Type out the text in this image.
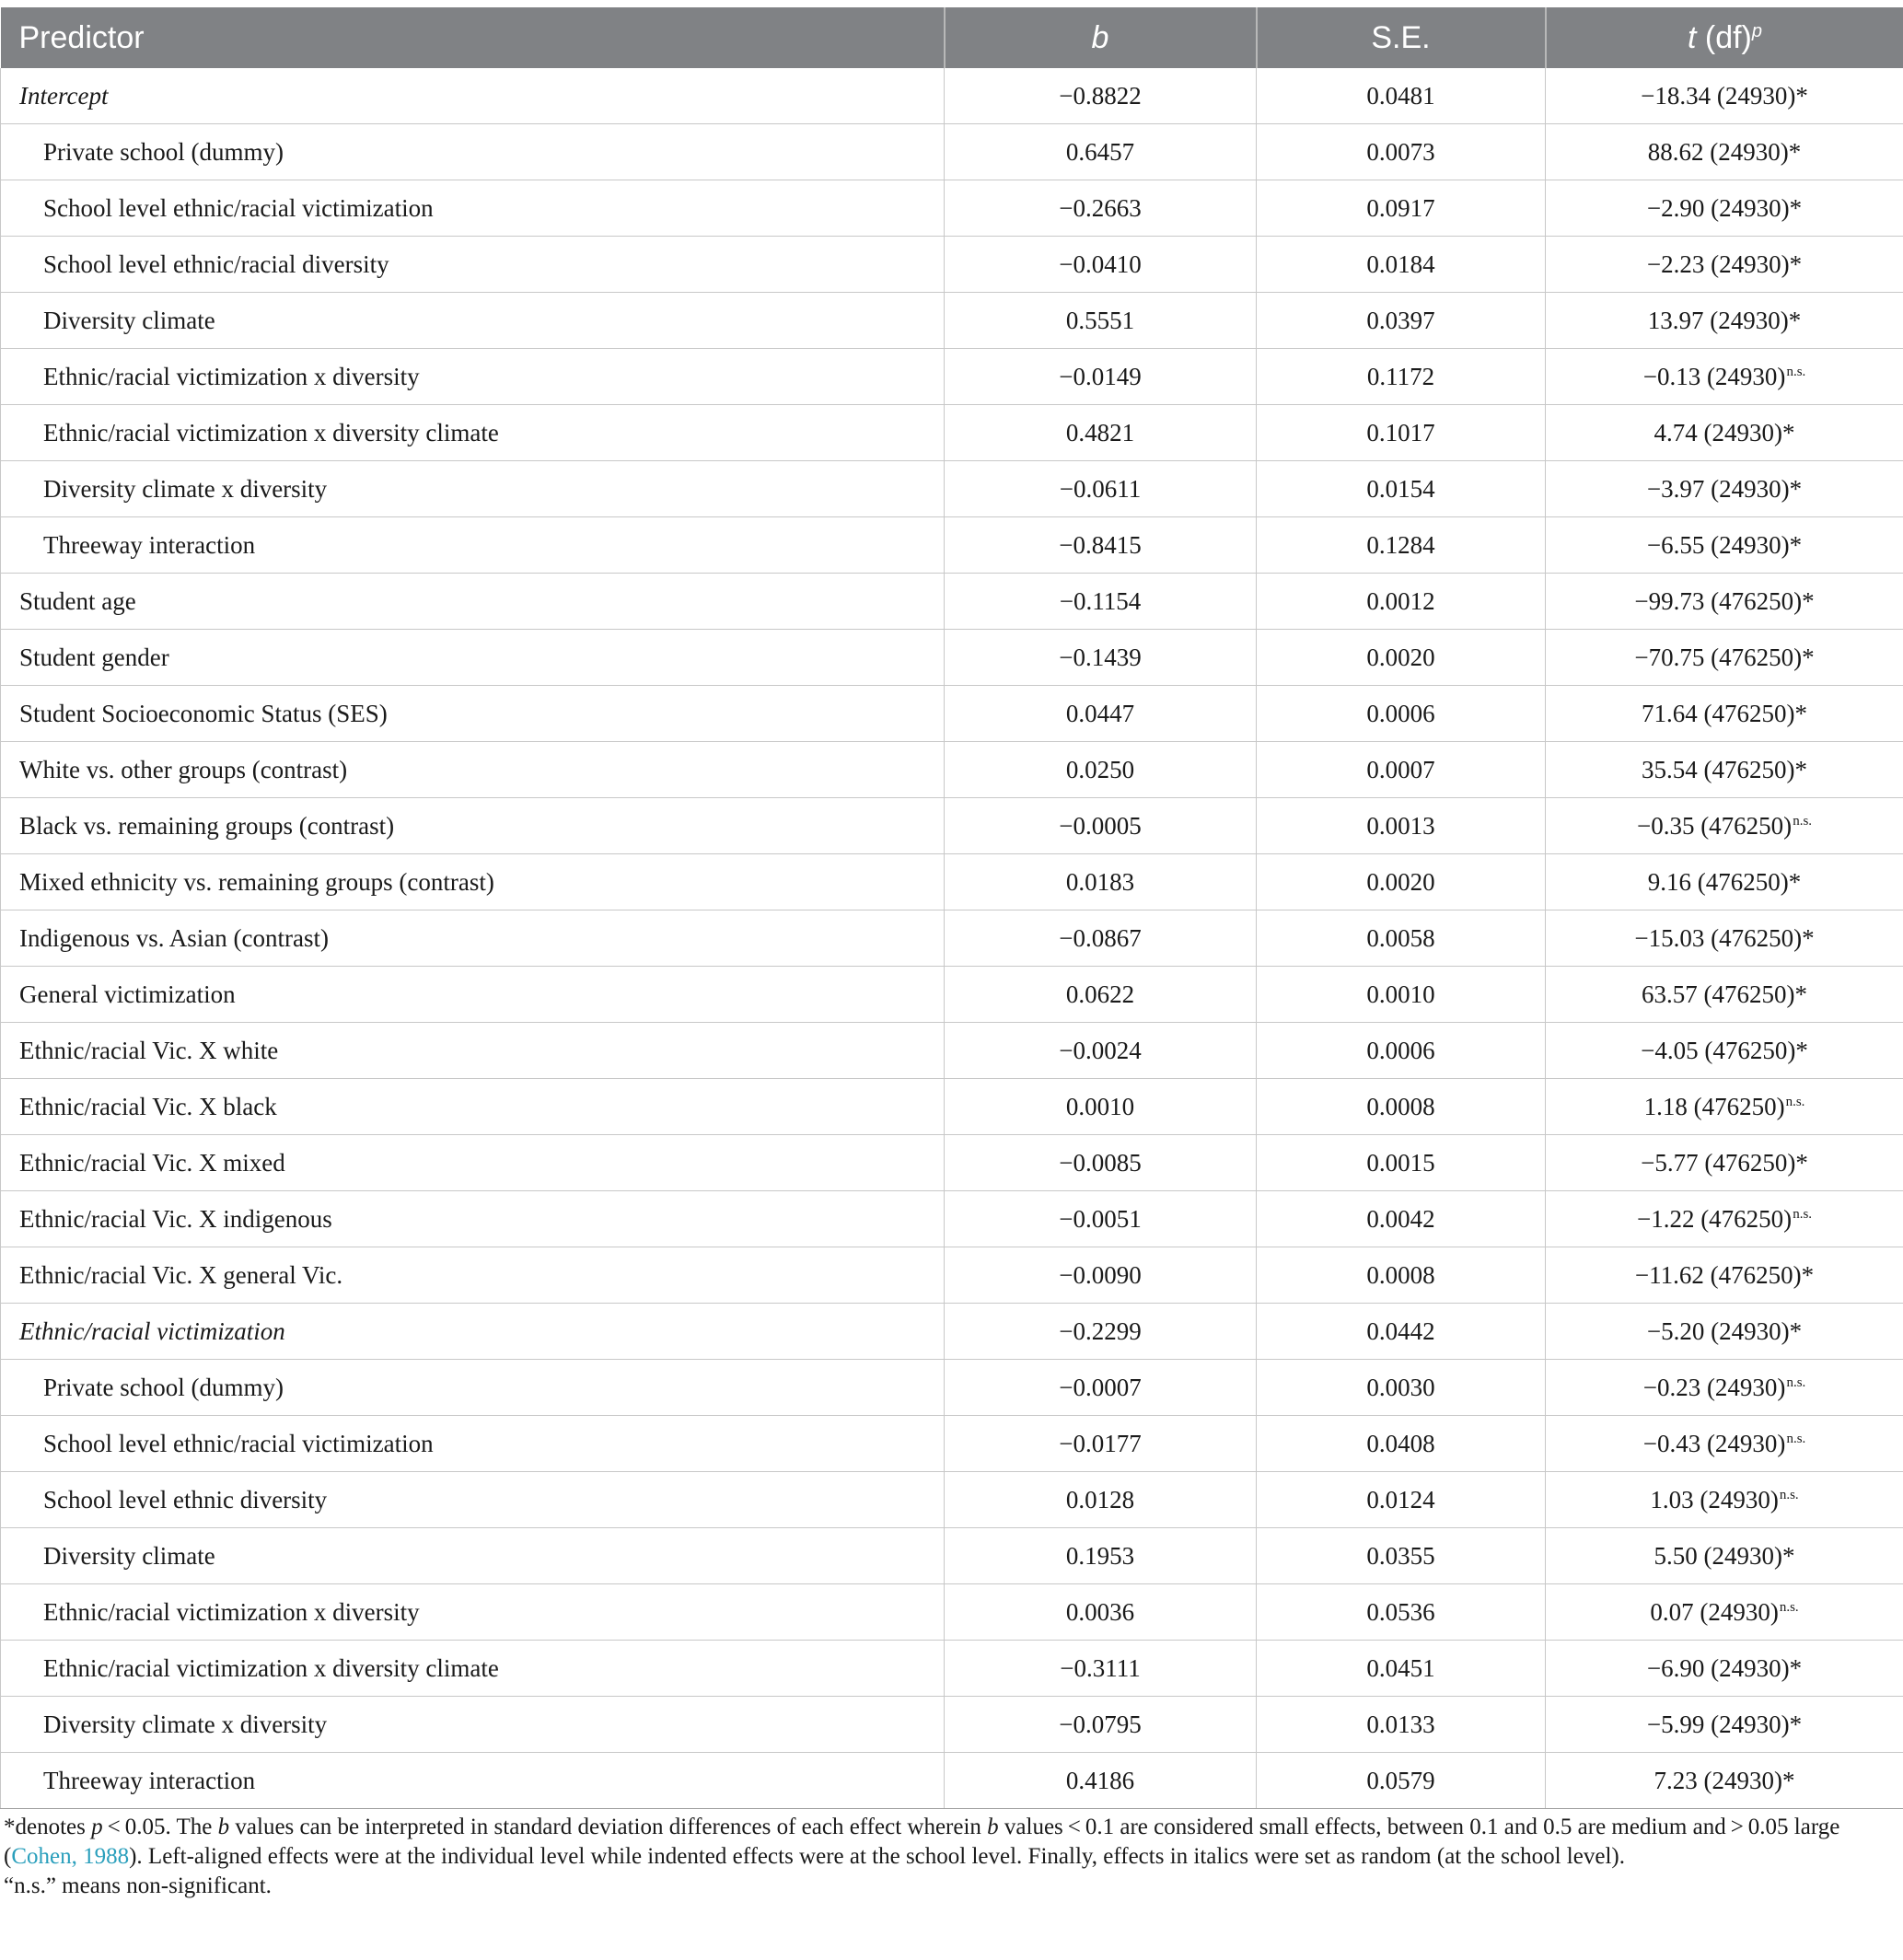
Predictor	b	S.E.	t (df)$^p$
Intercept	−0.8822	0.0481	−18.34 (24930)*
Private school (dummy)	0.6457	0.0073	88.62 (24930)*
School level ethnic/racial victimization	−0.2663	0.0917	−2.90 (24930)*
School level ethnic/racial diversity	−0.0410	0.0184	−2.23 (24930)*
Diversity climate	0.5551	0.0397	13.97 (24930)*
Ethnic/racial victimization x diversity	−0.0149	0.1172	−0.13 $(24930)^{n.s.}$
Ethnic/racial victimization x diversity climate	0.4821	0.1017	4.74 (24930)*
Diversity climate x diversity	−0.0611	0.0154	−3.97 (24930)*
Threeway interaction	−0.8415	0.1284	−6.55 (24930)*
Student age	−0.1154	0.0012	−99.73 (476250)*
Student gender	−0.1439	0.0020	−70.75 (476250)*
Student Socioeconomic Status (SES)	0.0447	0.0006	71.64 (476250)*
White vs. other groups (contrast)	0.0250	0.0007	35.54 (476250)*
Black vs. remaining groups (contrast)	−0.0005	0.0013	−0.35 $(476250)^{n.s.}$
Mixed ethnicity vs. remaining groups (contrast)	0.0183	0.0020	9.16 (476250)*
Indigenous vs. Asian (contrast)	−0.0867	0.0058	−15.03 (476250)*
General victimization	0.0622	0.0010	63.57 (476250)*
Ethnic/racial Vic. X white	−0.0024	0.0006	−4.05 (476250)*
Ethnic/racial Vic. X black	0.0010	0.0008	1.18 $(476250)^{n.s.}$
Ethnic/racial Vic. X mixed	−0.0085	0.0015	−5.77 (476250)*
Ethnic/racial Vic. X indigenous	−0.0051	0.0042	−1.22 $(476250)^{n.s.}$
Ethnic/racial Vic. X general Vic.	−0.0090	0.0008	−11.62 (476250)*
Ethnic/racial victimization	−0.2299	0.0442	−5.20 (24930)*
Private school (dummy)	−0.0007	0.0030	−0.23 $(24930)^{n.s.}$
School level ethnic/racial victimization	−0.0177	0.0408	−0.43 $(24930)^{n.s.}$
School level ethnic diversity	0.0128	0.0124	1.03 $(24930)^{n.s.}$
Diversity climate	0.1953	0.0355	5.50 (24930)*
Ethnic/racial victimization x diversity	0.0036	0.0536	0.07 $(24930)^{n.s.}$
Ethnic/racial victimization x diversity climate	−0.3111	0.0451	−6.90 (24930)*
Diversity climate x diversity	−0.0795	0.0133	−5.99 (24930)*
Threeway interaction	0.4186	0.0579	7.23 (24930)*

*denotes p < 0.05. The b values can be interpreted in standard deviation differences of each effect wherein b values < 0.1 are considered small effects, between 0.1 and 0.5 are medium and > 0.05 large (Cohen, 1988). Left-aligned effects were at the individual level while indented effects were at the school level. Finally, effects in italics were set as random (at the school level).

“n.s.” means non-significant.
